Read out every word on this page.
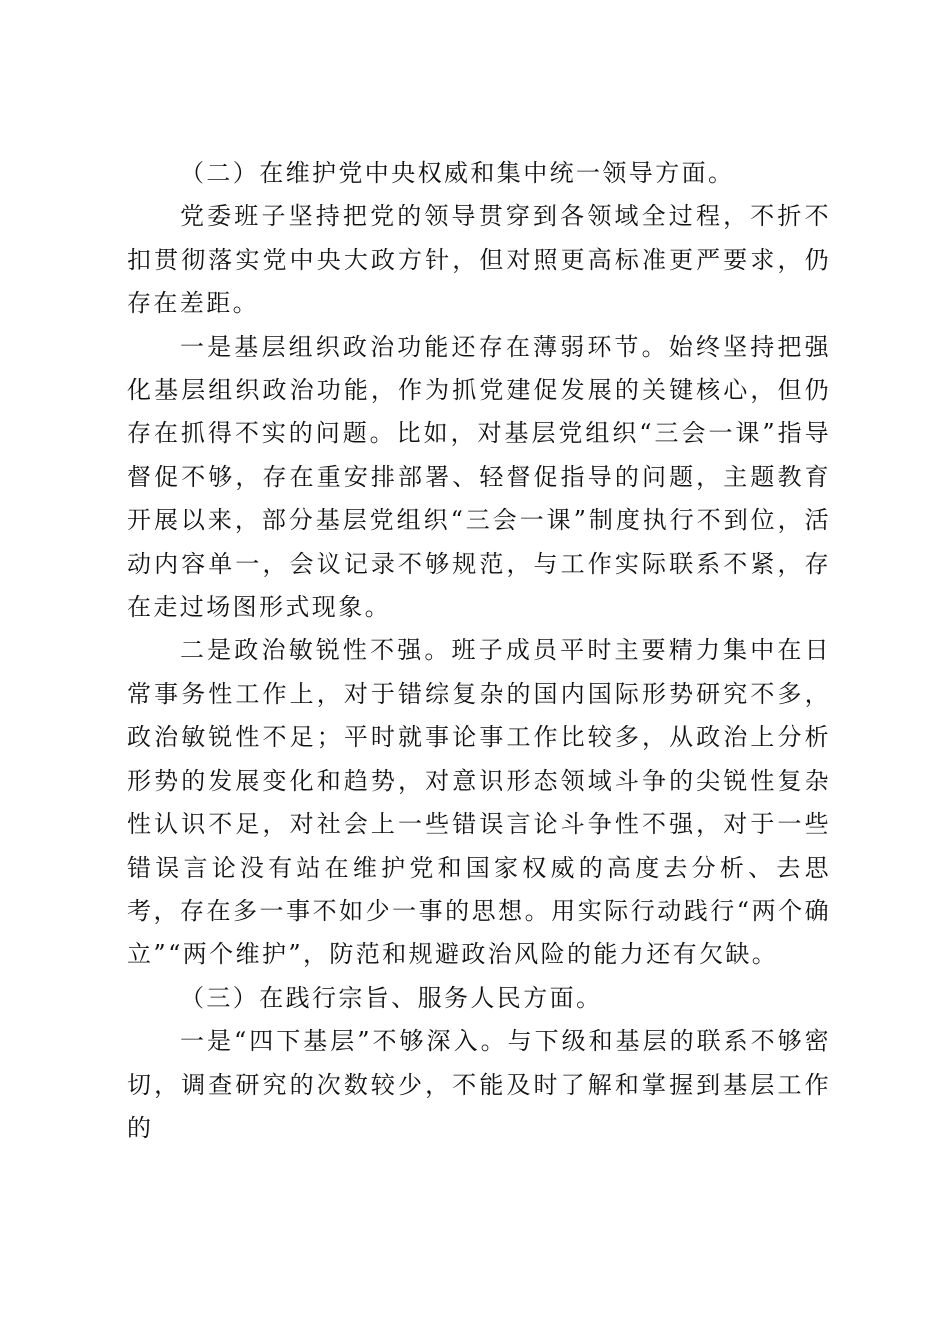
（二）在维护党中央权威和集中统一领导方面。

党委班子坚持把党的领导贯穿到各领域全过程，不折不扣贯彻落实党中央大政方针，但对照更高标准更严要求，仍存在差距。

一是基层组织政治功能还存在薄弱环节。始终坚持把强化基层组织政治功能，作为抓党建促发展的关键核心，但仍存在抓得不实的问题。比如，对基层党组织“三会一课”指导督促不够，存在重安排部署、轻督促指导的问题，主题教育开展以来，部分基层党组织“三会一课”制度执行不到位，活动内容单一，会议记录不够规范，与工作实际联系不紧，存在走过场图形式现象。

二是政治敏锐性不强。班子成员平时主要精力集中在日常事务性工作上，对于错综复杂的国内国际形势研究不多，政治敏锐性不足；平时就事论事工作比较多，从政治上分析形势的发展变化和趋势，对意识形态领域斗争的尖锐性复杂性认识不足，对社会上一些错误言论斗争性不强，对于一些错误言论没有站在维护党和国家权威的高度去分析、去思考，存在多一事不如少一事的思想。用实际行动践行“两个确立”“两个维护”，防范和规避政治风险的能力还有欠缺。

（三）在践行宗旨、服务人民方面。

一是“四下基层”不够深入。与下级和基层的联系不够密切，调查研究的次数较少，不能及时了解和掌握到基层工作的
